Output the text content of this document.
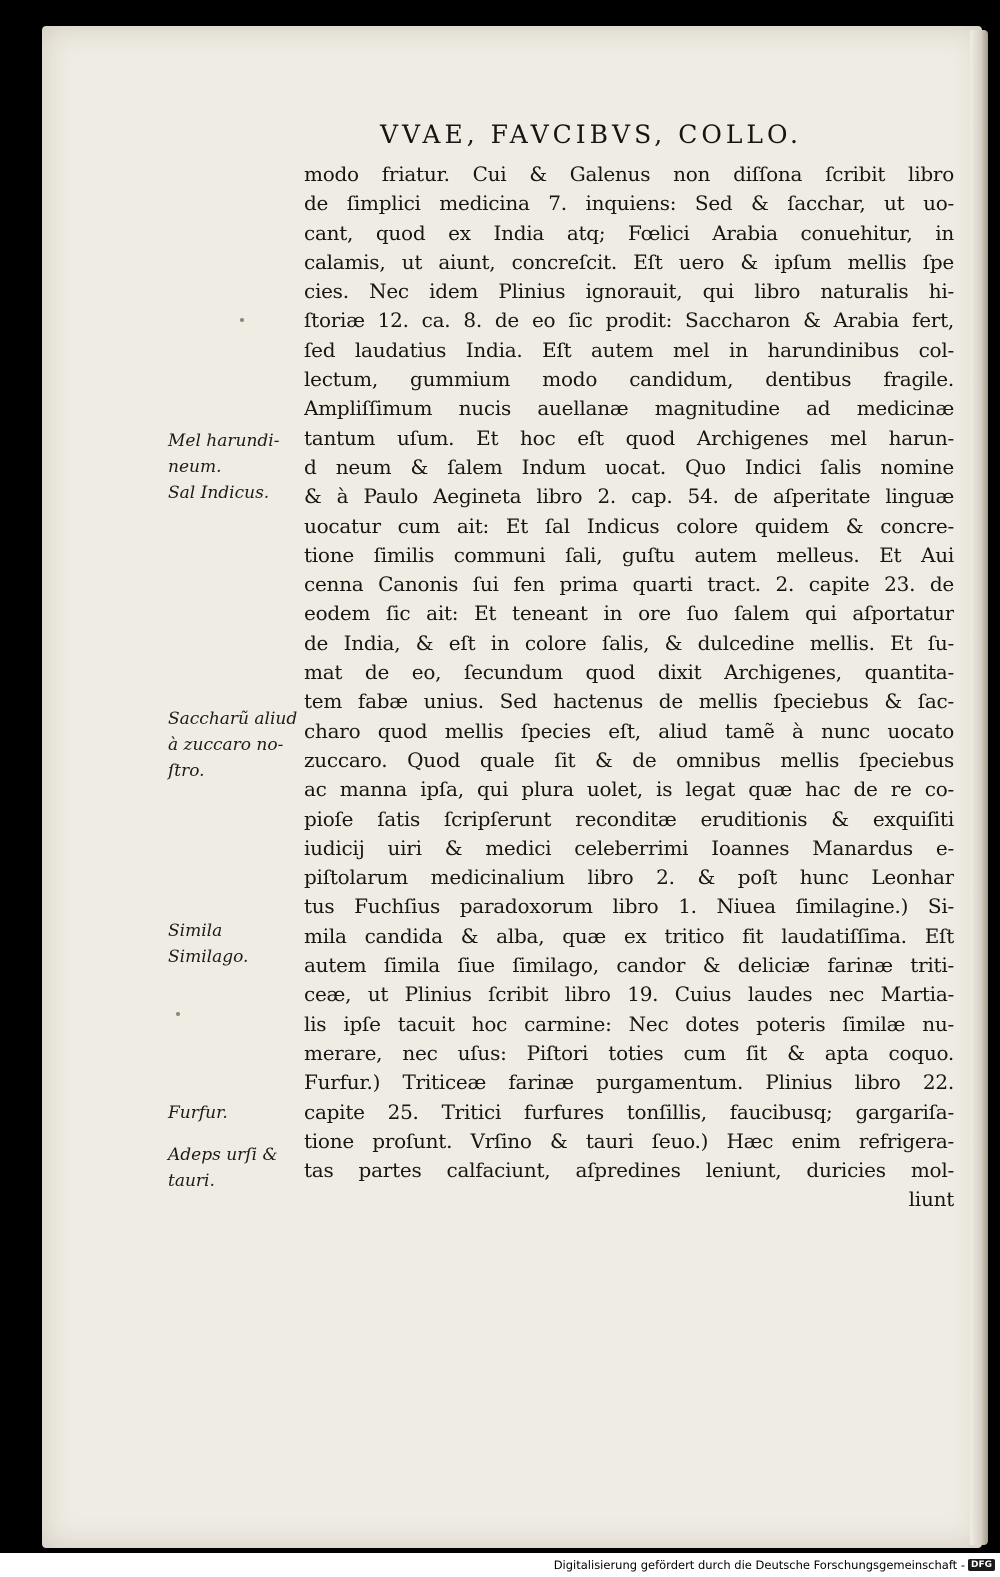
VVAE, FAVCIBVS, COLLO.
modo friatur. Cui & Galenus non diſſona ſcribit libro
de ſimplici medicina 7. inquiens: Sed & ſacchar, ut uo-
cant, quod ex India atq; Fœlici Arabia conuehitur, in
calamis, ut aiunt, concreſcit. Eſt uero & ipſum mellis ſpe
cies. Nec idem Plinius ignorauit, qui libro naturalis hi-
ſtoriæ 12. ca. 8. de eo ſic prodit: Saccharon & Arabia fert,
ſed laudatius India. Eſt autem mel in harundinibus col-
lectum, gummium modo candidum, dentibus fragile.
Ampliſſimum nucis auellanæ magnitudine ad medicinæ
tantum uſum. Et hoc eſt quod Archigenes mel harun-
d neum & ſalem Indum uocat. Quo Indici ſalis nomine
& à Paulo Aegineta libro 2. cap. 54. de aſperitate linguæ
uocatur cum ait: Et ſal Indicus colore quidem & concre-
tione ſimilis communi ſali, guſtu autem melleus. Et Aui
cenna Canonis ſui fen prima quarti tract. 2. capite 23. de
eodem ſic ait: Et teneant in ore ſuo ſalem qui aſportatur
de India, & eſt in colore ſalis, & dulcedine mellis. Et ſu-
mat de eo, ſecundum quod dixit Archigenes, quantita-
tem fabæ unius. Sed hactenus de mellis ſpeciebus & ſac-
charo quod mellis ſpecies eſt, aliud tamẽ à nunc uocato
zuccaro. Quod quale ſit & de omnibus mellis ſpeciebus
ac manna ipſa, qui plura uolet, is legat quæ hac de re co-
pioſe ſatis ſcripſerunt reconditæ eruditionis & exquiſiti
iudicij uiri & medici celeberrimi Ioannes Manardus e-
piſtolarum medicinalium libro 2. & poſt hunc Leonhar
tus Fuchſius paradoxorum libro 1. Niuea ſimilagine.) Si-
mila candida & alba, quæ ex tritico fit laudatiſſima. Eſt
autem ſimila ſiue ſimilago, candor & deliciæ farinæ triti-
ceæ, ut Plinius ſcribit libro 19. Cuius laudes nec Martia-
lis ipſe tacuit hoc carmine: Nec dotes poteris ſimilæ nu-
merare, nec uſus: Piſtori toties cum ſit & apta coquo.
Furfur.) Triticeæ farinæ purgamentum. Plinius libro 22.
capite 25. Tritici furfures tonſillis, faucibusq; gargariſa-
tione proſunt. Vrſino & tauri ſeuo.) Hæc enim refrigera-
tas partes calfaciunt, aſpredines leniunt, duricies mol-
liunt
Mel harundi-
neum.
Sal Indicus.
Saccharũ aliud
à zuccaro no-
ſtro.
Simila
Similago.
Furfur.
Adeps urſi &
tauri.
Digitalisierung gefördert durch die Deutsche Forschungsgemeinschaft - DFG
